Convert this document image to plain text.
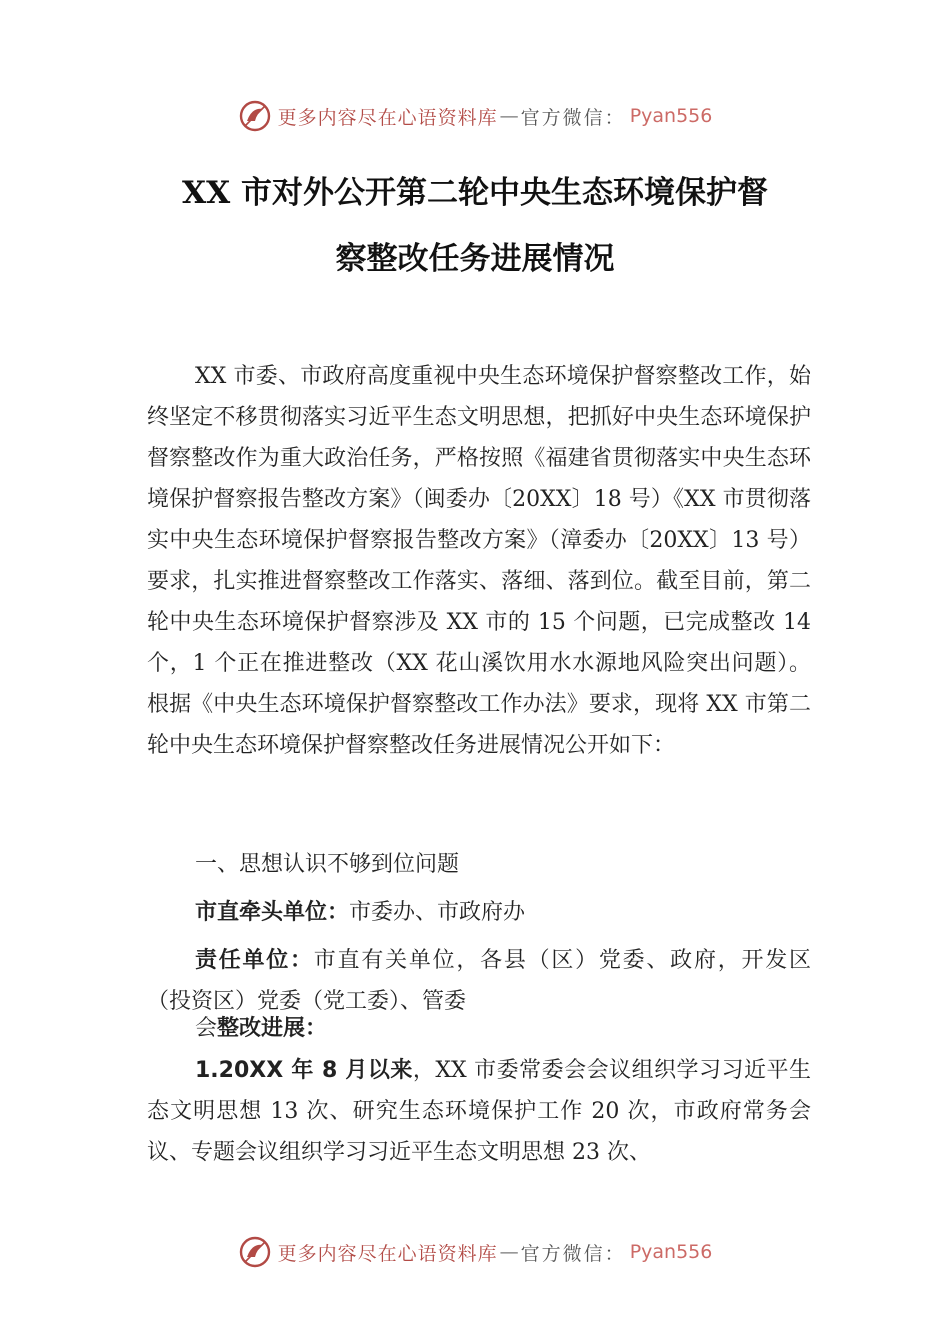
更多内容尽在心语资料库 — 官方微信： Pyan556
XX 市对外公开第二轮中央生态环境保护督
察整改任务进展情况

XX 市委、市政府高度重视中央生态环境保护督察整改工作，始终坚定不移贯彻落实习近平生态文明思想，把抓好中央生态环境保护督察整改作为重大政治任务，严格按照《福建省贯彻落实中央生态环境保护督察报告整改方案》（闽委办〔20XX〕18 号）《XX 市贯彻落实中央生态环境保护督察报告整改方案》（漳委办〔20XX〕13 号）要求，扎实推进督察整改工作落实、落细、落到位。截至目前，第二轮中央生态环境保护督察涉及 XX 市的 15 个问题，已完成整改 14 个，1 个正在推进整改（XX 花山溪饮用水水源地风险突出问题）。根据《中央生态环境保护督察整改工作办法》要求，现将 XX 市第二轮中央生态环境保护督察整改任务进展情况公开如下：

一、思想认识不够到位问题

市直牵头单位：市委办、市政府办

责任单位：市直有关单位，各县（区）党委、政府，开发区（投资区）党委（党工委）、管委

会整改进展：

1.20XX 年 8 月以来，XX 市委常委会会议组织学习习近平生态文明思想 13 次、研究生态环境保护工作 20 次，市政府常务会议、专题会议组织学习习近平生态文明思想 23 次、

更多内容尽在心语资料库 — 官方微信： Pyan556
